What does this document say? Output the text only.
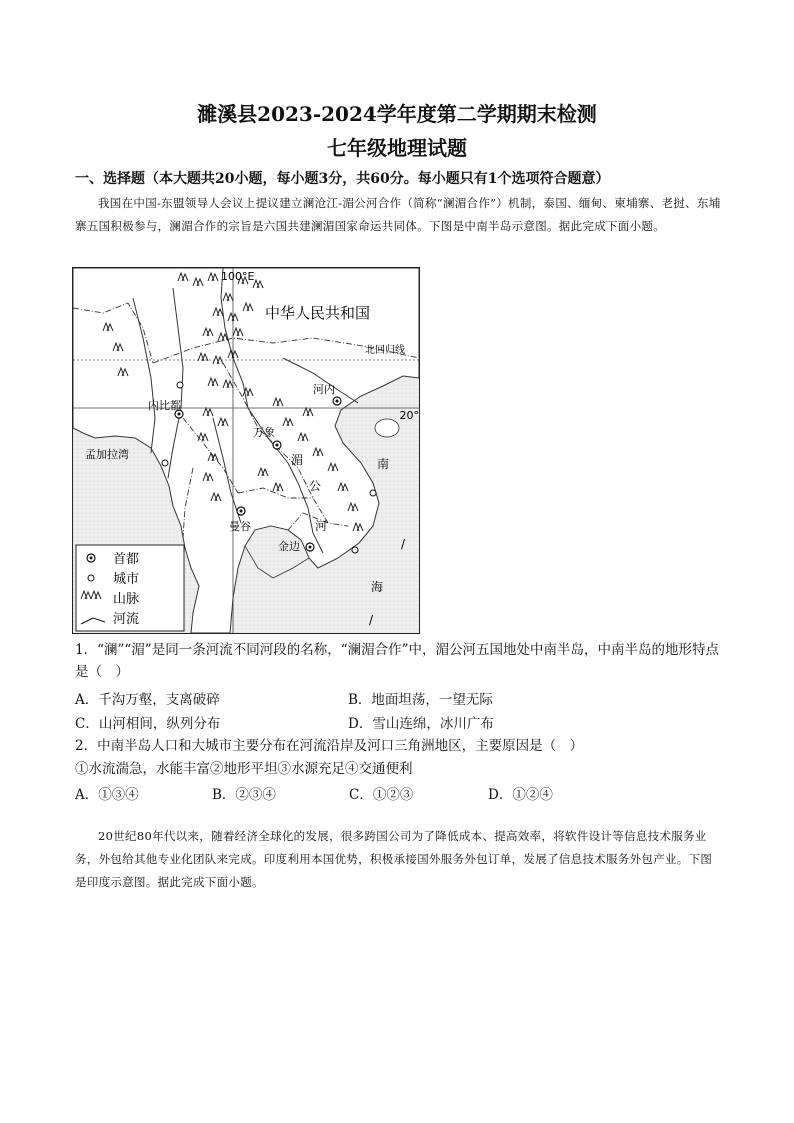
濉溪县2023-2024学年度第二学期期末检测
七年级地理试题
一、选择题（本大题共20小题，每小题3分，共60分。每小题只有1个选项符合题意）
我国在中国-东盟领导人会议上提议建立澜沧江-湄公河合作（简称“澜湄合作”）机制，泰国、缅甸、柬埔寨、老挝、东埔寨五国积极参与，澜湄合作的宗旨是六国共建澜湄国家命运共同体。下图是中南半岛示意图。据此完成下面小题。
北回归线
100°E
20°
中华人民共和国
孟加拉湾
河内
内比都
万象
曼谷
金边
湄
公
河
南
海
/
/
首都
城市
山脉
河流
1．“澜”“湄”是同一条河流不同河段的名称，“澜湄合作”中，湄公河五国地处中南半岛，中南半岛的地形特点是（　）
A．千沟万壑，支离破碎	B．地面坦荡，一望无际
C．山河相间，纵列分布	D．雪山连绵，冰川广布
2．中南半岛人口和大城市主要分布在河流沿岸及河口三角洲地区，主要原因是（　）
①水流湍急，水能丰富②地形平坦③水源充足④交通便利
A．①③④	B．②③④	C．①②③	D．①②④
20世纪80年代以来，随着经济全球化的发展，很多跨国公司为了降低成本、提高效率，将软件设计等信息技术服务业务，外包给其他专业化团队来完成。印度利用本国优势，积极承接国外服务外包订单，发展了信息技术服务外包产业。下图是印度示意图。据此完成下面小题。
